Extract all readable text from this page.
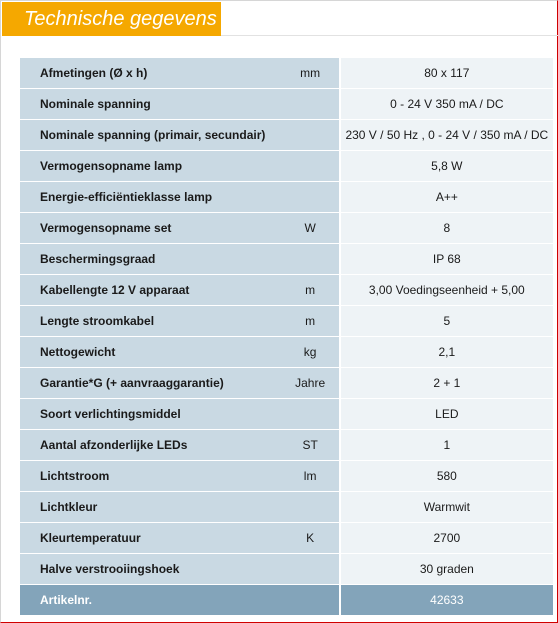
Technische gegevens
Afmetingen (Ø x h)	mm	80 x 117
Nominale spanning		0 - 24 V 350 mA / DC
Nominale spanning (primair, secundair)		230 V / 50 Hz , 0 - 24 V / 350 mA / DC
Vermogensopname lamp		5,8 W
Energie-efficiëntieklasse lamp		A++
Vermogensopname set	W	8
Beschermingsgraad		IP 68
Kabellengte 12 V apparaat	m	3,00 Voedingseenheid + 5,00
Lengte stroomkabel	m	5
Nettogewicht	kg	2,1
Garantie*G (+ aanvraaggarantie)	Jahre	2 + 1
Soort verlichtingsmiddel		LED
Aantal afzonderlijke LEDs	ST	1
Lichtstroom	lm	580
Lichtkleur		Warmwit
Kleurtemperatuur	K	2700
Halve verstrooiingshoek		30 graden
Artikelnr.		42633
